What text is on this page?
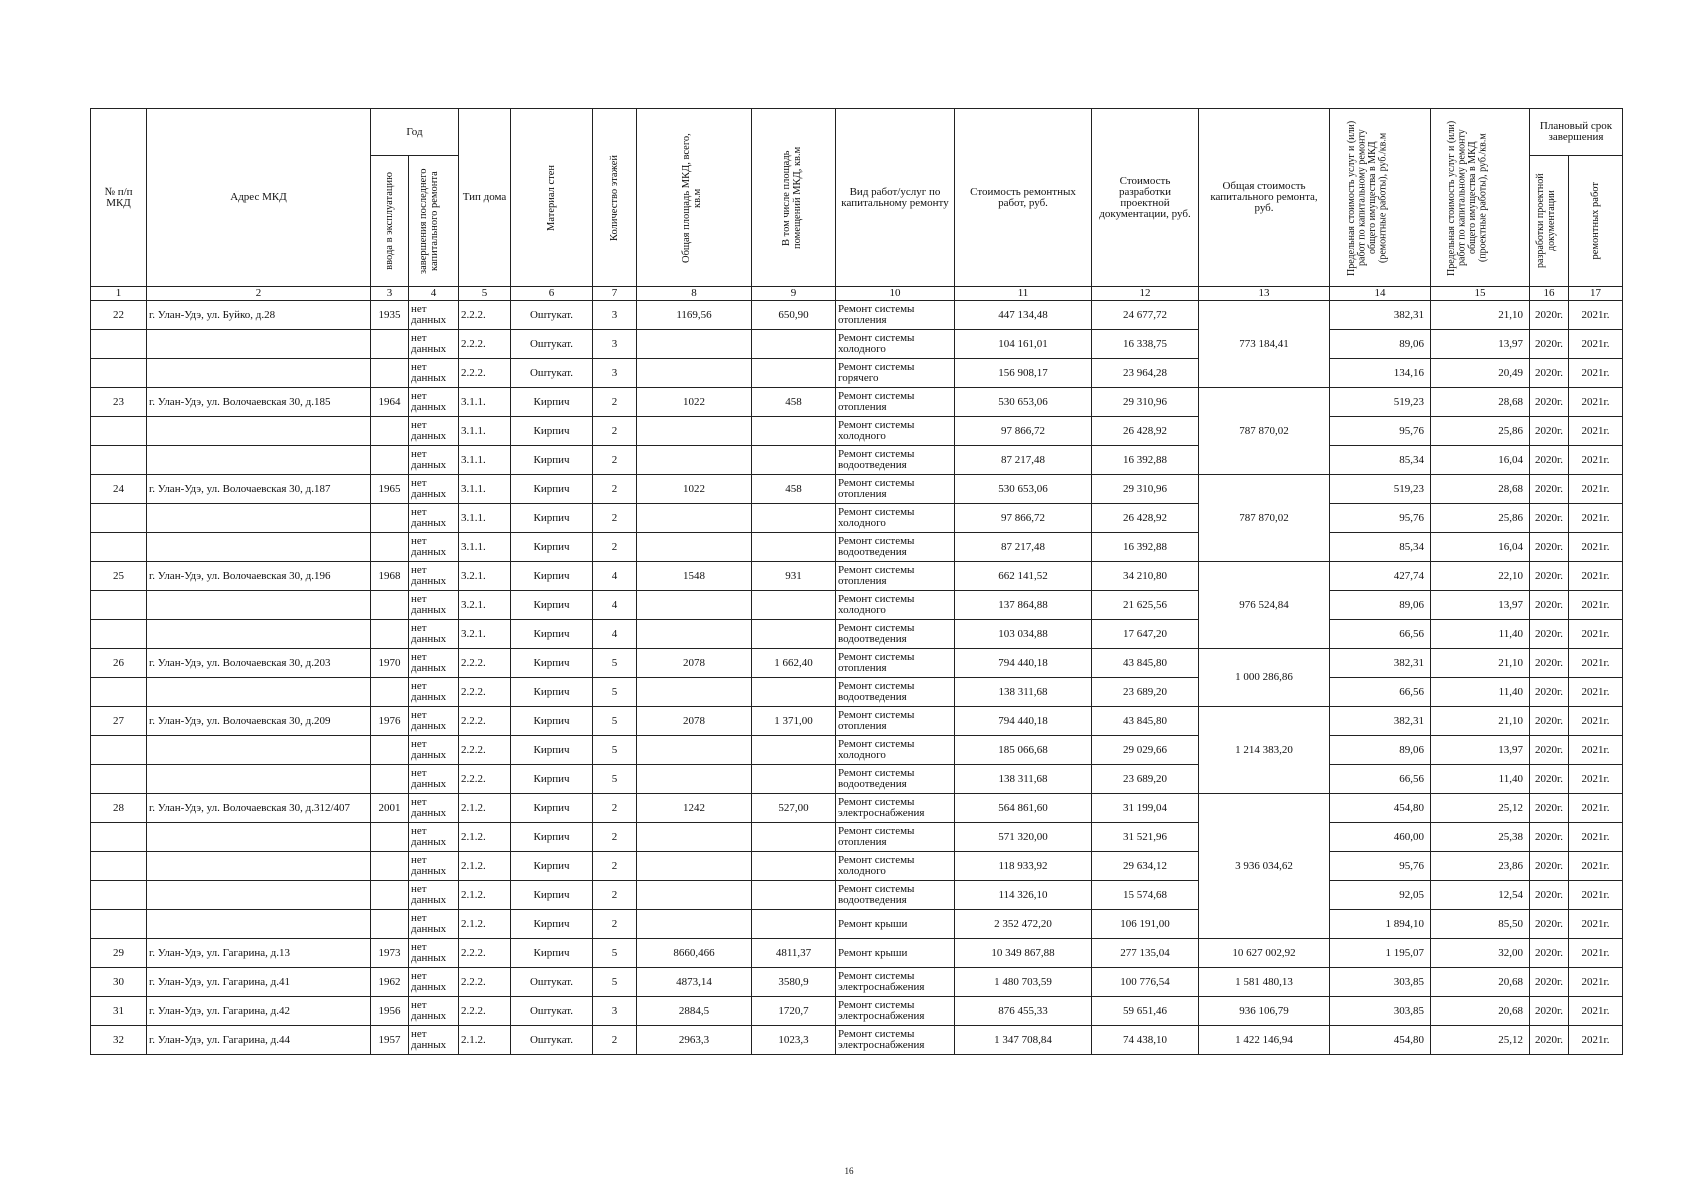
№ п/п МКД	Адрес МКД	Год		Тип дома	Материал стен	Количество этажей	Общая площадь МКД, всего, кв.м	В том числе площадь помещений МКД, кв.м	Вид работ/услуг по капитальному ремонту	Стоимость ремонтных работ, руб.	Стоимость разработки проектной документации, руб.	Общая стоимость капитального ремонта, руб.	Предельная стоимость услуг и (или) работ по капитальному ремонту общего имущества в МКД (ремонтные работы), руб./кв.м	Предельная стоимость услуг и (или) работ по капитальному ремонту общего имущества в МКД (проектные работы), руб./кв.м	Плановый срок завершения	

		ввода в эксплуатацию	завершения последнего капитального ремонта												разработки проектной документации	ремонтных работ

1	2	3	4	5	6	7	8	9	10	11	12	13	14	15	16	17
22	г. Улан-Удэ, ул. Буйко, д.28	1935	нет данных	2.2.2.	Оштукат.	3	1169,56	650,90	Ремонт системы отопления	447 134,48	24 677,72	773 184,41	382,31	21,10	2020г.	2021г.
			нет данных	2.2.2.	Оштукат.	3			Ремонт системы холодного	104 161,01	16 338,75		89,06	13,97	2020г.	2021г.
			нет данных	2.2.2.	Оштукат.	3			Ремонт системы горячего	156 908,17	23 964,28		134,16	20,49	2020г.	2021г.
23	г. Улан-Удэ, ул. Волочаевская 30, д.185	1964	нет данных	3.1.1.	Кирпич	2	1022	458	Ремонт системы отопления	530 653,06	29 310,96	787 870,02	519,23	28,68	2020г.	2021г.
			нет данных	3.1.1.	Кирпич	2			Ремонт системы холодного	97 866,72	26 428,92		95,76	25,86	2020г.	2021г.
			нет данных	3.1.1.	Кирпич	2			Ремонт системы водоотведения	87 217,48	16 392,88		85,34	16,04	2020г.	2021г.
24	г. Улан-Удэ, ул. Волочаевская 30, д.187	1965	нет данных	3.1.1.	Кирпич	2	1022	458	Ремонт системы отопления	530 653,06	29 310,96	787 870,02	519,23	28,68	2020г.	2021г.
			нет данных	3.1.1.	Кирпич	2			Ремонт системы холодного	97 866,72	26 428,92		95,76	25,86	2020г.	2021г.
			нет данных	3.1.1.	Кирпич	2			Ремонт системы водоотведения	87 217,48	16 392,88		85,34	16,04	2020г.	2021г.
25	г. Улан-Удэ, ул. Волочаевская 30, д.196	1968	нет данных	3.2.1.	Кирпич	4	1548	931	Ремонт системы отопления	662 141,52	34 210,80	976 524,84	427,74	22,10	2020г.	2021г.
			нет данных	3.2.1.	Кирпич	4			Ремонт системы холодного	137 864,88	21 625,56		89,06	13,97	2020г.	2021г.
			нет данных	3.2.1.	Кирпич	4			Ремонт системы водоотведения	103 034,88	17 647,20		66,56	11,40	2020г.	2021г.
26	г. Улан-Удэ, ул. Волочаевская 30, д.203	1970	нет данных	2.2.2.	Кирпич	5	2078	1 662,40	Ремонт системы отопления	794 440,18	43 845,80	1 000 286,86	382,31	21,10	2020г.	2021г.
			нет данных	2.2.2.	Кирпич	5			Ремонт системы водоотведения	138 311,68	23 689,20		66,56	11,40	2020г.	2021г.
27	г. Улан-Удэ, ул. Волочаевская 30, д.209	1976	нет данных	2.2.2.	Кирпич	5	2078	1 371,00	Ремонт системы отопления	794 440,18	43 845,80	1 214 383,20	382,31	21,10	2020г.	2021г.
			нет данных	2.2.2.	Кирпич	5			Ремонт системы холодного	185 066,68	29 029,66		89,06	13,97	2020г.	2021г.
			нет данных	2.2.2.	Кирпич	5			Ремонт системы водоотведения	138 311,68	23 689,20		66,56	11,40	2020г.	2021г.
28	г. Улан-Удэ, ул. Волочаевская 30, д.312/407	2001	нет данных	2.1.2.	Кирпич	2	1242	527,00	Ремонт системы электроснабжения	564 861,60	31 199,04	3 936 034,62	454,80	25,12	2020г.	2021г.
			нет данных	2.1.2.	Кирпич	2			Ремонт системы отопления	571 320,00	31 521,96		460,00	25,38	2020г.	2021г.
			нет данных	2.1.2.	Кирпич	2			Ремонт системы холодного	118 933,92	29 634,12		95,76	23,86	2020г.	2021г.
			нет данных	2.1.2.	Кирпич	2			Ремонт системы водоотведения	114 326,10	15 574,68		92,05	12,54	2020г.	2021г.
			нет данных	2.1.2.	Кирпич	2			Ремонт крыши	2 352 472,20	106 191,00		1 894,10	85,50	2020г.	2021г.
29	г. Улан-Удэ, ул. Гагарина, д.13	1973	нет данных	2.2.2.	Кирпич	5	8660,466	4811,37	Ремонт крыши	10 349 867,88	277 135,04	10 627 002,92	1 195,07	32,00	2020г.	2021г.
30	г. Улан-Удэ, ул. Гагарина, д.41	1962	нет данных	2.2.2.	Оштукат.	5	4873,14	3580,9	Ремонт системы электроснабжения	1 480 703,59	100 776,54	1 581 480,13	303,85	20,68	2020г.	2021г.
31	г. Улан-Удэ, ул. Гагарина, д.42	1956	нет данных	2.2.2.	Оштукат.	3	2884,5	1720,7	Ремонт системы электроснабжения	876 455,33	59 651,46	936 106,79	303,85	20,68	2020г.	2021г.
32	г. Улан-Удэ, ул. Гагарина, д.44	1957	нет данных	2.1.2.	Оштукат.	2	2963,3	1023,3	Ремонт системы электроснабжения	1 347 708,84	74 438,10	1 422 146,94	454,80	25,12	2020г.	2021г.
16
